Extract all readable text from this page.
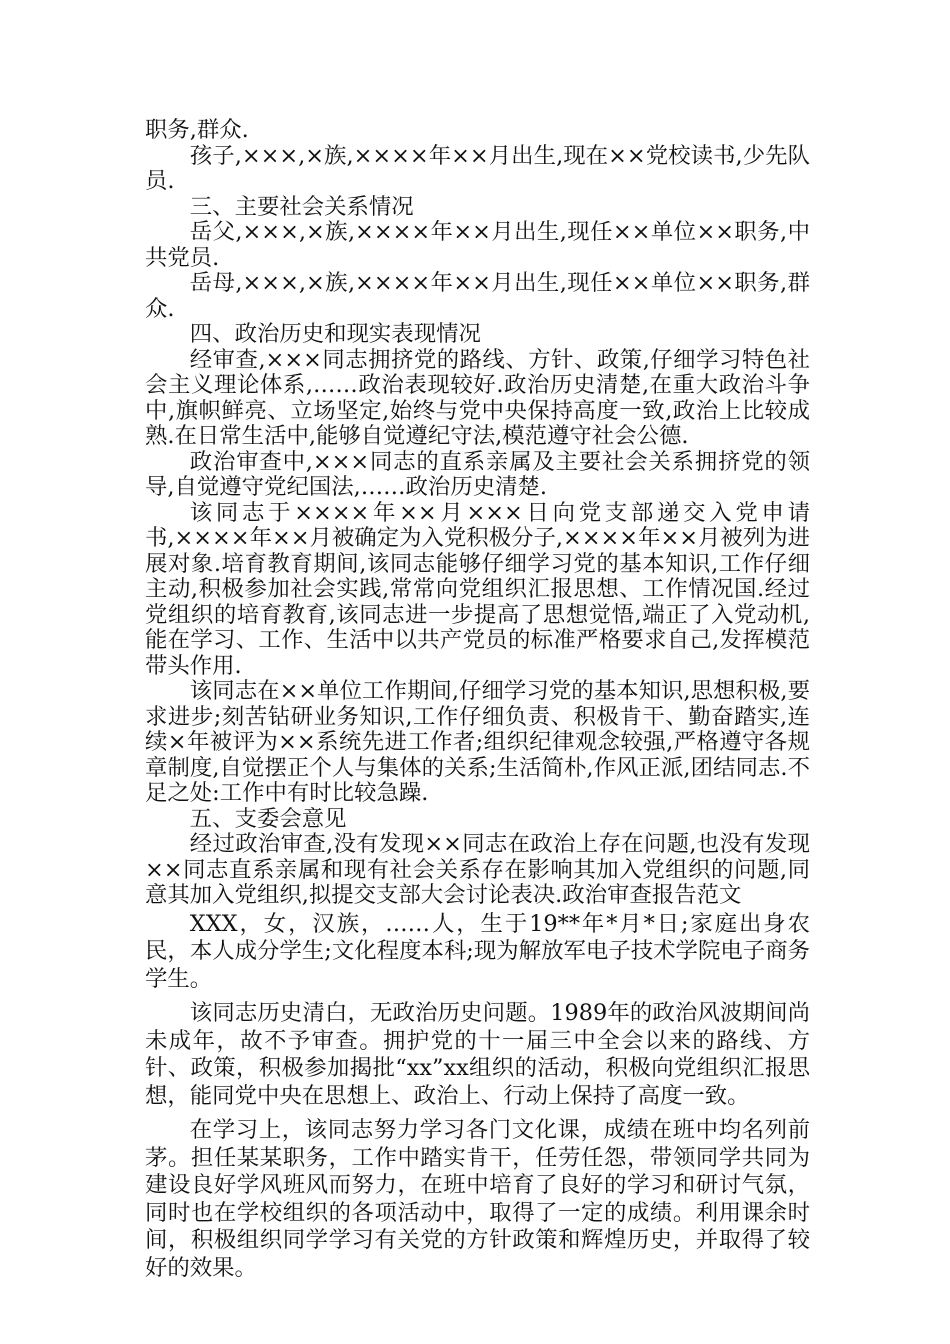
职务,群众.

孩子,×××,×族,××××年××月出生,现在××党校读书,少先队员.

三、主要社会关系情况

岳父,×××,×族,××××年××月出生,现任××单位××职务,中共党员.

岳母,×××,×族,××××年××月出生,现任××单位××职务,群众.

四、政治历史和现实表现情况

经审查,×××同志拥挤党的路线、方针、政策,仔细学习特色社会主义理论体系,……政治表现较好.政治历史清楚,在重大政治斗争中,旗帜鲜亮、立场坚定,始终与党中央保持高度一致,政治上比较成熟.在日常生活中,能够自觉遵纪守法,模范遵守社会公德.

政治审查中,×××同志的直系亲属及主要社会关系拥挤党的领导,自觉遵守党纪国法,……政治历史清楚.

该同志于××××年××月×××日向党支部递交入党申请书,××××年××月被确定为入党积极分子,××××年××月被列为进展对象.培育教育期间,该同志能够仔细学习党的基本知识,工作仔细主动,积极参加社会实践,常常向党组织汇报思想、工作情况国.经过党组织的培育教育,该同志进一步提高了思想觉悟,端正了入党动机,能在学习、工作、生活中以共产党员的标准严格要求自己,发挥模范带头作用.

该同志在××单位工作期间,仔细学习党的基本知识,思想积极,要求进步;刻苦钻研业务知识,工作仔细负责、积极肯干、勤奋踏实,连续×年被评为××系统先进工作者;组织纪律观念较强,严格遵守各规章制度,自觉摆正个人与集体的关系;生活简朴,作风正派,团结同志.不足之处:工作中有时比较急躁.

五、支委会意见

经过政治审查,没有发现××同志在政治上存在问题,也没有发现××同志直系亲属和现有社会关系存在影响其加入党组织的问题,同意其加入党组织,拟提交支部大会讨论表决.政治审查报告范文

XXX，女，汉族，……人，生于19**年*月*日;家庭出身农民，本人成分学生;文化程度本科;现为解放军电子技术学院电子商务学生。

该同志历史清白，无政治历史问题。1989年的政治风波期间尚未成年，故不予审查。拥护党的十一届三中全会以来的路线、方针、政策，积极参加揭批“xx”xx组织的活动，积极向党组织汇报思想，能同党中央在思想上、政治上、行动上保持了高度一致。

在学习上，该同志努力学习各门文化课，成绩在班中均名列前茅。担任某某职务，工作中踏实肯干，任劳任怨，带领同学共同为建设良好学风班风而努力，在班中培育了良好的学习和研讨气氛，同时也在学校组织的各项活动中，取得了一定的成绩。利用课余时间，积极组织同学学习有关党的方针政策和辉煌历史，并取得了较好的效果。
